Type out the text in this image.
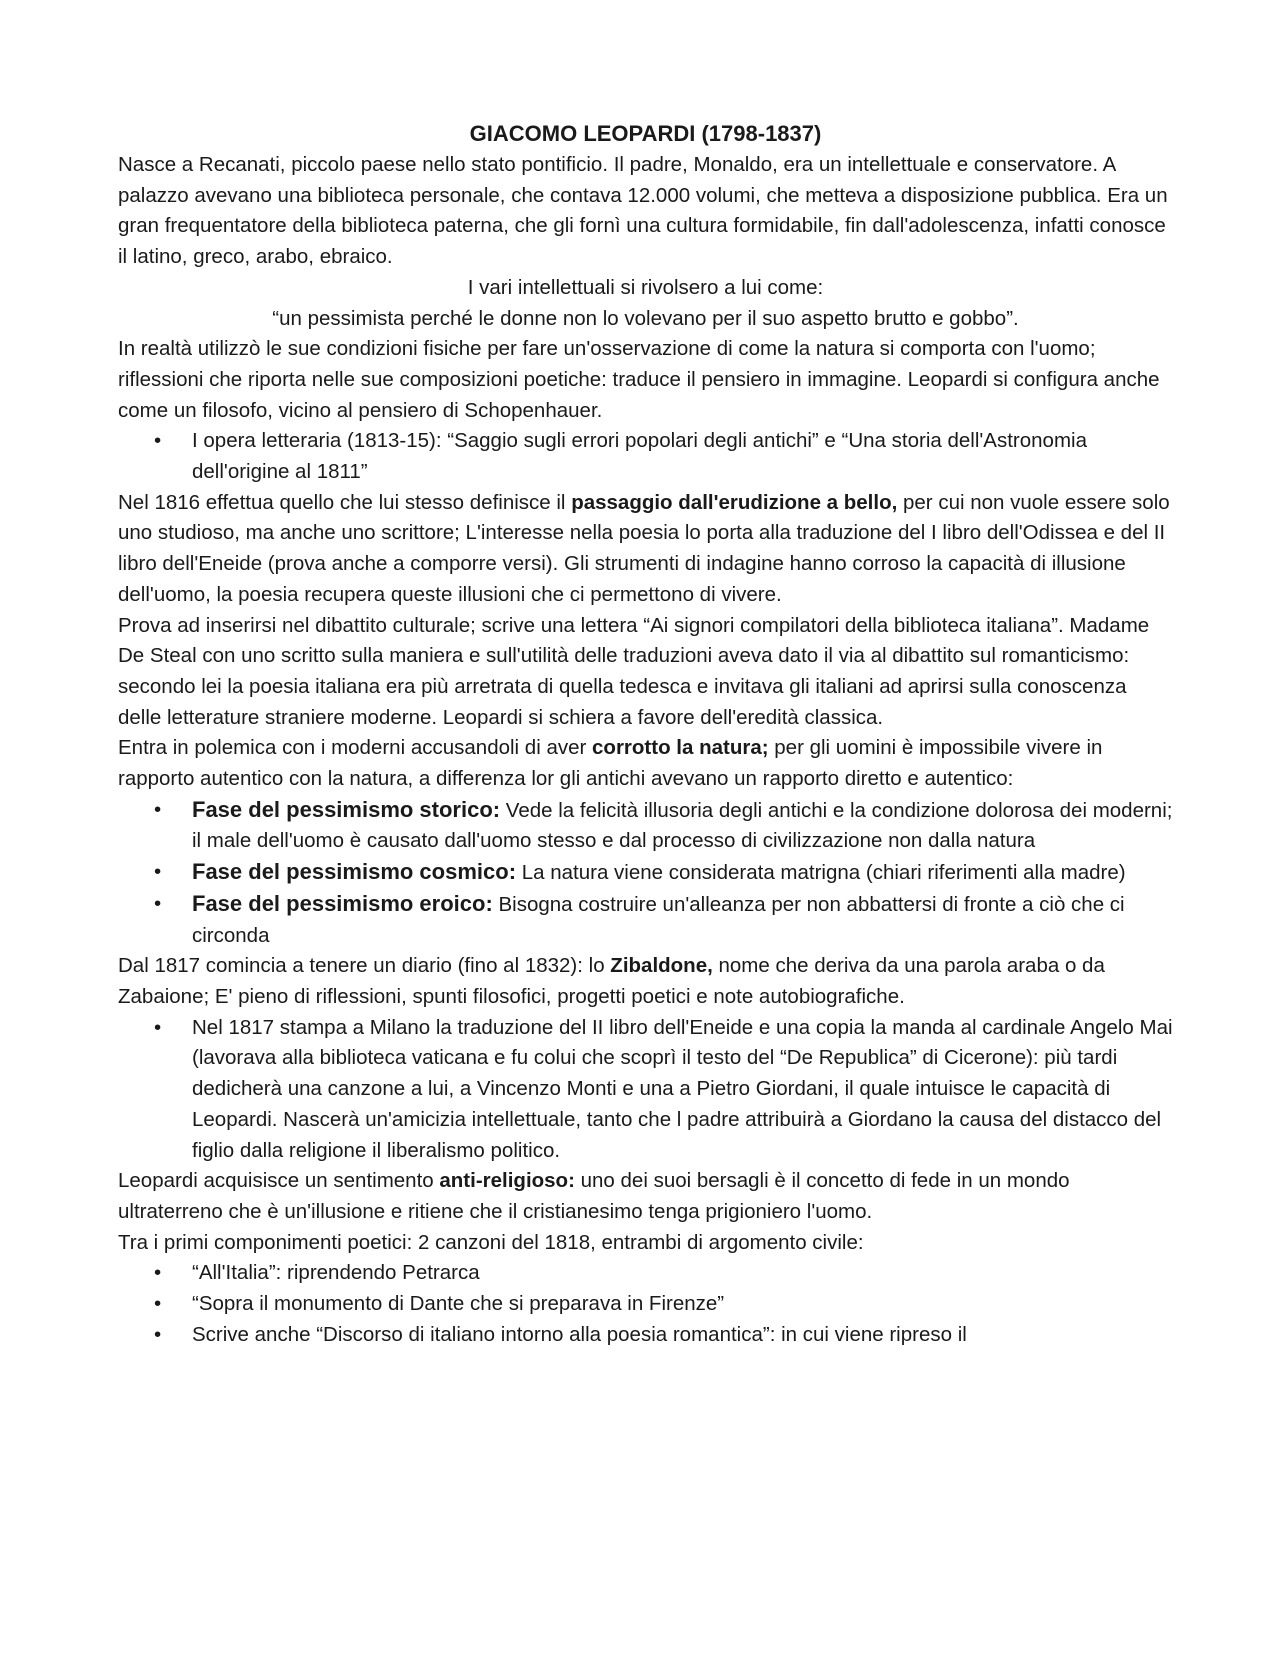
GIACOMO LEOPARDI (1798-1837)

Nasce a Recanati, piccolo paese nello stato pontificio. Il padre, Monaldo, era un intellettuale e conservatore. A palazzo avevano una biblioteca personale, che contava 12.000 volumi, che metteva a disposizione pubblica. Era un gran frequentatore della biblioteca paterna, che gli fornì una cultura formidabile, fin dall'adolescenza, infatti conosce il latino, greco, arabo, ebraico.

I vari intellettuali si rivolsero a lui come:

“un pessimista perché le donne non lo volevano per il suo aspetto brutto e gobbo”.

In realtà utilizzò le sue condizioni fisiche per fare un'osservazione di come la natura si comporta con l'uomo; riflessioni che riporta nelle sue composizioni poetiche: traduce il pensiero in immagine. Leopardi si configura anche come un filosofo, vicino al pensiero di Schopenhauer.

• I opera letteraria (1813-15): “Saggio sugli errori popolari degli antichi” e “Una storia dell'Astronomia dell'origine al 1811”

Nel 1816 effettua quello che lui stesso definisce il passaggio dall'erudizione a bello, per cui non vuole essere solo uno studioso, ma anche uno scrittore; L'interesse nella poesia lo porta alla traduzione del I libro dell'Odissea e del II libro dell'Eneide (prova anche a comporre versi). Gli strumenti di indagine hanno corroso la capacità di illusione dell'uomo, la poesia recupera queste illusioni che ci permettono di vivere.

Prova ad inserirsi nel dibattito culturale; scrive una lettera “Ai signori compilatori della biblioteca italiana”. Madame De Steal con uno scritto sulla maniera e sull'utilità delle traduzioni aveva dato il via al dibattito sul romanticismo: secondo lei la poesia italiana era più arretrata di quella tedesca e invitava gli italiani ad aprirsi sulla conoscenza delle letterature straniere moderne. Leopardi si schiera a favore dell'eredità classica.

Entra in polemica con i moderni accusandoli di aver corrotto la natura; per gli uomini è impossibile vivere in rapporto autentico con la natura, a differenza lor gli antichi avevano un rapporto diretto e autentico:

• Fase del pessimismo storico: Vede la felicità illusoria degli antichi e la condizione dolorosa dei moderni; il male dell'uomo è causato dall'uomo stesso e dal processo di civilizzazione non dalla natura
• Fase del pessimismo cosmico: La natura viene considerata matrigna (chiari riferimenti alla madre)
• Fase del pessimismo eroico: Bisogna costruire un'alleanza per non abbattersi di fronte a ciò che ci circonda

Dal 1817 comincia a tenere un diario (fino al 1832): lo Zibaldone, nome che deriva da una parola araba o da Zabaione; E' pieno di riflessioni, spunti filosofici, progetti poetici e note autobiografiche.

• Nel 1817 stampa a Milano la traduzione del II libro dell'Eneide e una copia la manda al cardinale Angelo Mai (lavorava alla biblioteca vaticana e fu colui che scoprì il testo del “De Republica” di Cicerone): più tardi dedicherà una canzone a lui, a Vincenzo Monti e una a Pietro Giordani, il quale intuisce le capacità di Leopardi. Nascerà un'amicizia intellettuale, tanto che l padre attribuirà a Giordano la causa del distacco del figlio dalla religione il liberalismo politico.

Leopardi acquisisce un sentimento anti-religioso: uno dei suoi bersagli è il concetto di fede in un mondo ultraterreno che è un'illusione e ritiene che il cristianesimo tenga prigioniero l'uomo.

Tra i primi componimenti poetici: 2 canzoni del 1818, entrambi di argomento civile:

• “All'Italia”: riprendendo Petrarca
• “Sopra il monumento di Dante che si preparava in Firenze”
• Scrive anche “Discorso di italiano intorno alla poesia romantica”: in cui viene ripreso il
